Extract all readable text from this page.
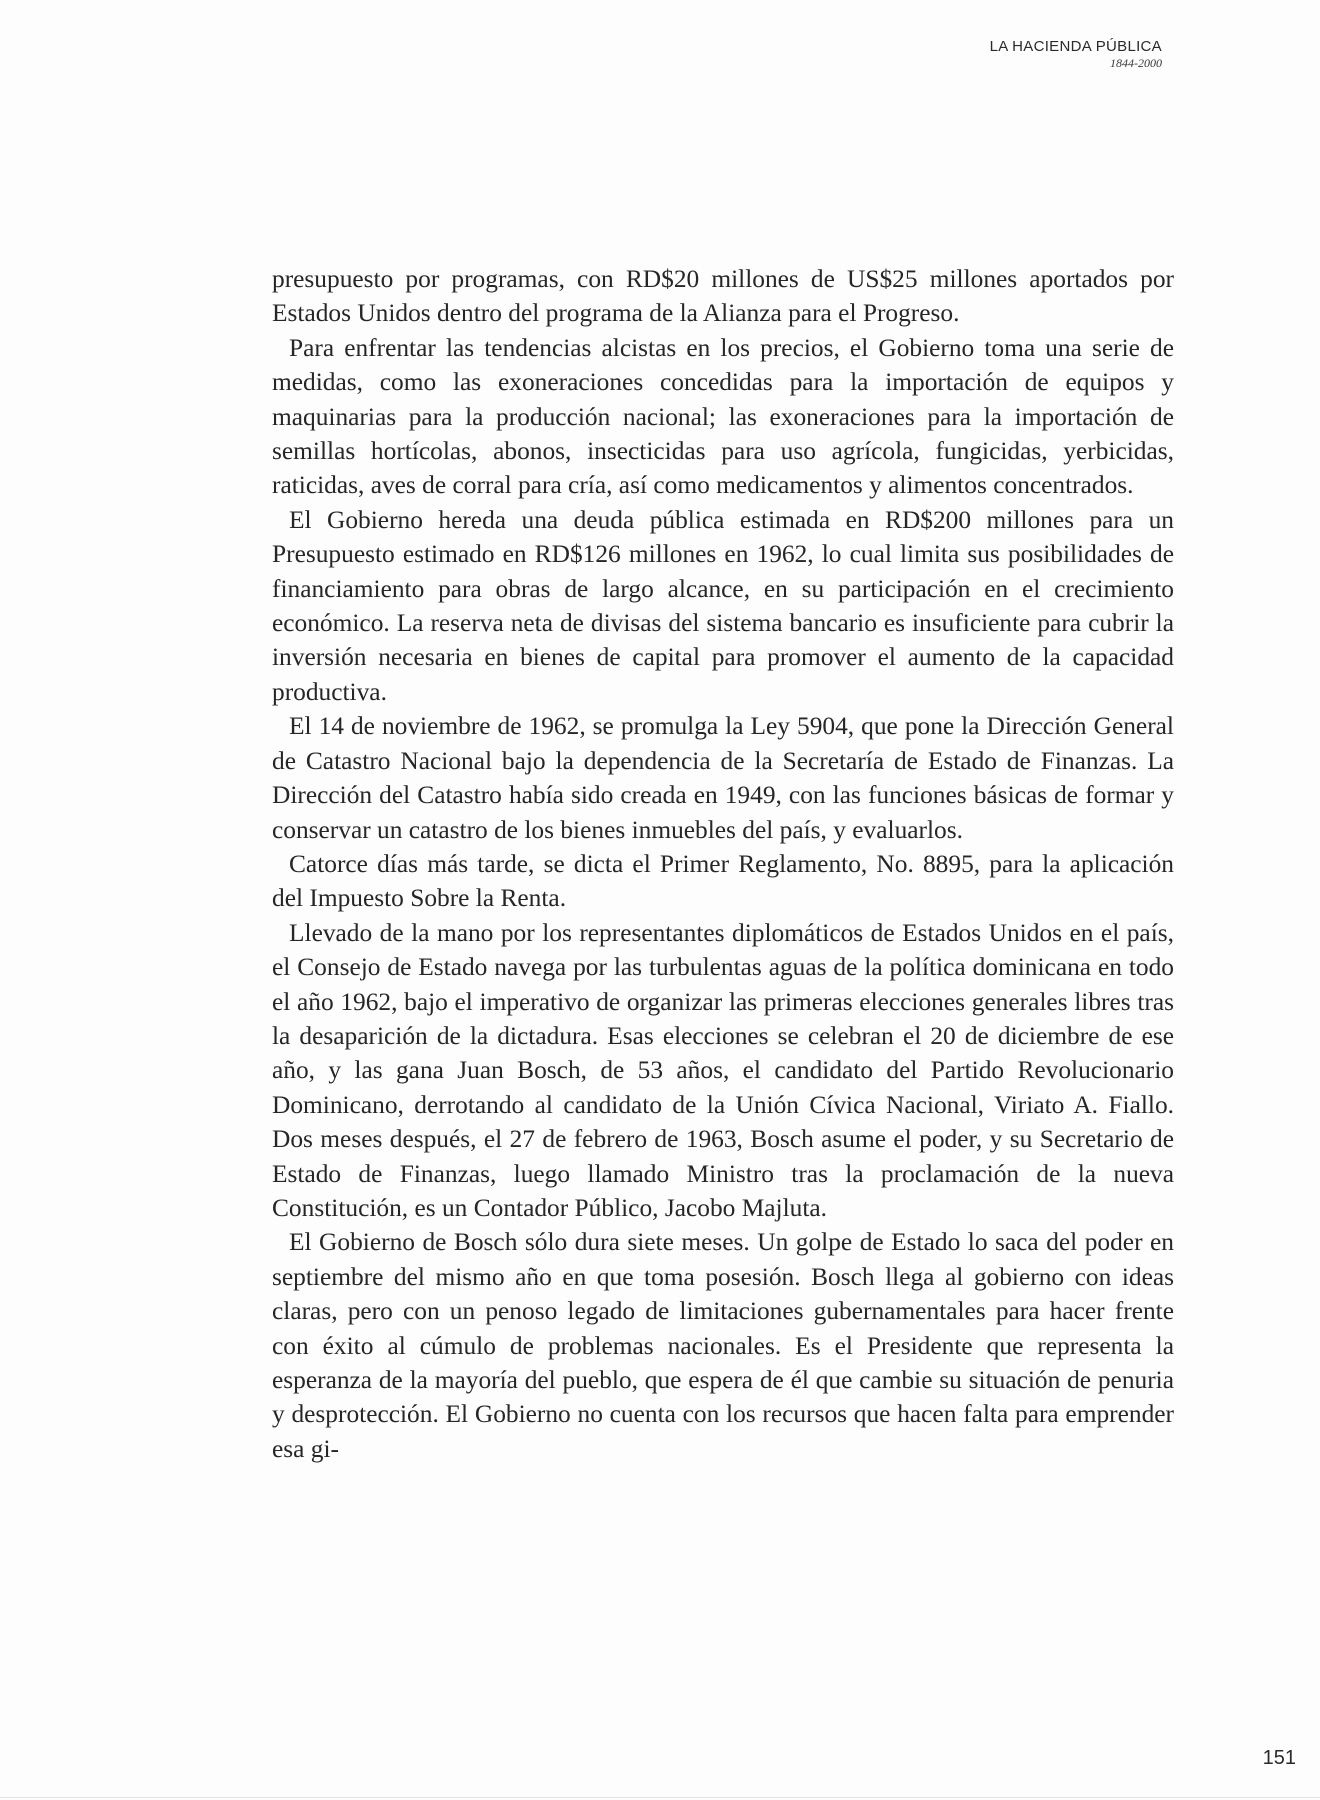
LA HACIENDA PÚBLICA
1844-2000

presupuesto por programas, con RD$20 millones de US$25 millones aportados por Estados Unidos dentro del programa de la Alianza para el Progreso.

Para enfrentar las tendencias alcistas en los precios, el Gobierno toma una serie de medidas, como las exoneraciones concedidas para la importación de equipos y maquinarias para la producción nacional; las exoneraciones para la importación de semillas hortícolas, abonos, insecticidas para uso agrícola, fungicidas, yerbicidas, raticidas, aves de corral para cría, así como medicamentos y alimentos concentrados.

El Gobierno hereda una deuda pública estimada en RD$200 millones para un Presupuesto estimado en RD$126 millones en 1962, lo cual limita sus posibilidades de financiamiento para obras de largo alcance, en su participación en el crecimiento económico. La reserva neta de divisas del sistema bancario es insuficiente para cubrir la inversión necesaria en bienes de capital para promover el aumento de la capacidad productiva.

El 14 de noviembre de 1962, se promulga la Ley 5904, que pone la Dirección General de Catastro Nacional bajo la dependencia de la Secretaría de Estado de Finanzas. La Dirección del Catastro había sido creada en 1949, con las funciones básicas de formar y conservar un catastro de los bienes inmuebles del país, y evaluarlos.

Catorce días más tarde, se dicta el Primer Reglamento, No. 8895, para la aplicación del Impuesto Sobre la Renta.

Llevado de la mano por los representantes diplomáticos de Estados Unidos en el país, el Consejo de Estado navega por las turbulentas aguas de la política dominicana en todo el año 1962, bajo el imperativo de organizar las primeras elecciones generales libres tras la desaparición de la dictadura. Esas elecciones se celebran el 20 de diciembre de ese año, y las gana Juan Bosch, de 53 años, el candidato del Partido Revolucionario Dominicano, derrotando al candidato de la Unión Cívica Nacional, Viriato A. Fiallo. Dos meses después, el 27 de febrero de 1963, Bosch asume el poder, y su Secretario de Estado de Finanzas, luego llamado Ministro tras la proclamación de la nueva Constitución, es un Contador Público, Jacobo Majluta.

El Gobierno de Bosch sólo dura siete meses. Un golpe de Estado lo saca del poder en septiembre del mismo año en que toma posesión. Bosch llega al gobierno con ideas claras, pero con un penoso legado de limitaciones gubernamentales para hacer frente con éxito al cúmulo de problemas nacionales. Es el Presidente que representa la esperanza de la mayoría del pueblo, que espera de él que cambie su situación de penuria y desprotección. El Gobierno no cuenta con los recursos que hacen falta para emprender esa gi-

151
